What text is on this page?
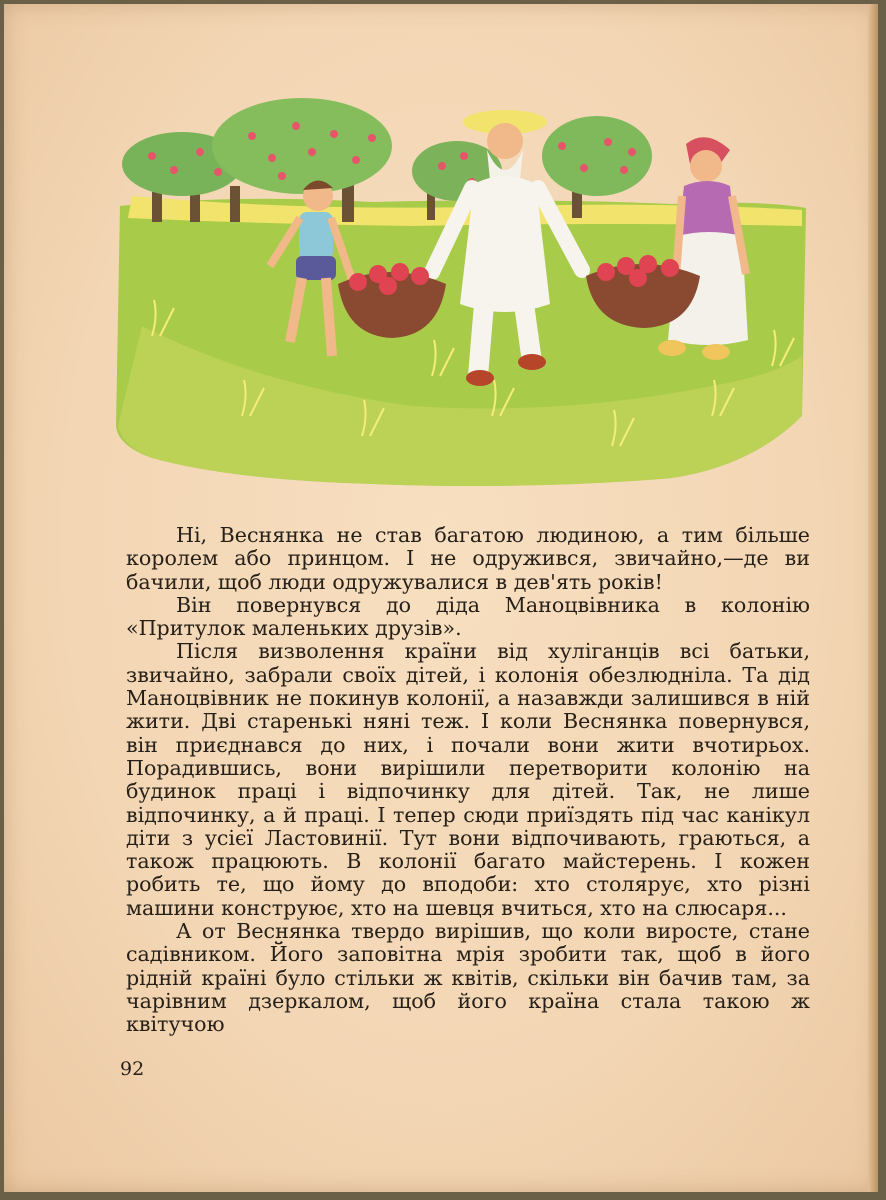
Ні, Веснянка не став багатою людиною, а тим більше королем або принцом. І не одружився, звичайно,—де ви бачили, щоб люди одружувалися в дев'ять років!

Він повернувся до діда Маноцвівника в колонію «Притулок маленьких друзів».

Після визволення країни від хуліганців всі батьки, звичайно, забрали своїх дітей, і колонія обезлюдніла. Та дід Маноцвівник не покинув колонії, а назавжди залишився в ній жити. Дві старенькі няні теж. І коли Веснянка повернувся, він приєднався до них, і почали вони жити вчотирьох. Порадившись, вони вирішили перетворити колонію на будинок праці і відпочинку для дітей. Так, не лише відпочинку, а й праці. І тепер сюди приїздять під час канікул діти з усієї Ластовинії. Тут вони відпочивають, граються, а також працюють. В колонії багато майстерень. І кожен робить те, що йому до вподоби: хто столярує, хто різні машини конструює, хто на шевця вчиться, хто на слюсаря...

А от Веснянка твердо вирішив, що коли виросте, стане садівником. Його заповітна мрія зробити так, щоб в його рідній країні було стільки ж квітів, скільки він бачив там, за чарівним дзеркалом, щоб його країна стала такою ж квітучою

92
